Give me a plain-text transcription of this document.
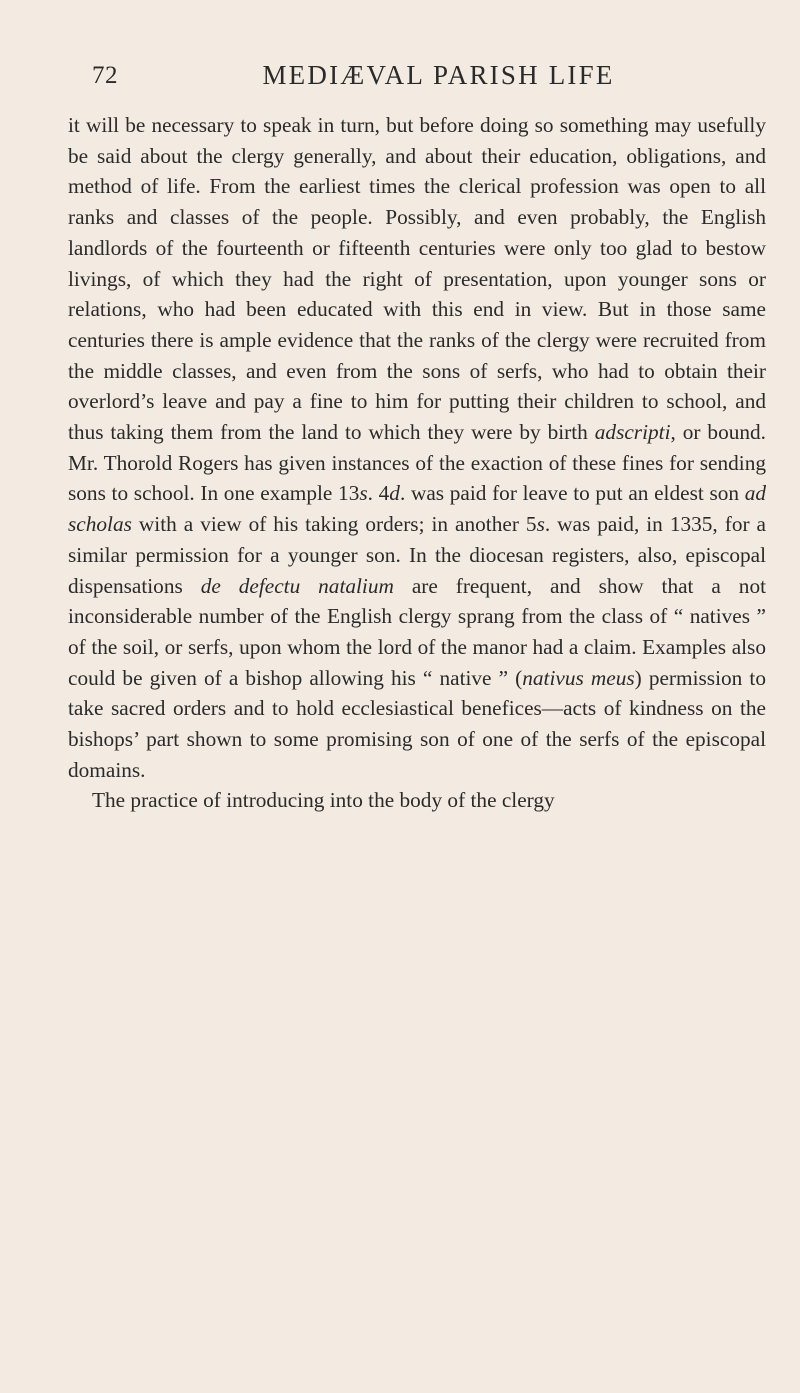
72	MEDIÆVAL PARISH LIFE

it will be necessary to speak in turn, but before doing so something may usefully be said about the clergy generally, and about their education, obligations, and method of life. From the earliest times the clerical profession was open to all ranks and classes of the people. Possibly, and even probably, the English landlords of the fourteenth or fifteenth centuries were only too glad to bestow livings, of which they had the right of presentation, upon younger sons or relations, who had been educated with this end in view. But in those same centuries there is ample evidence that the ranks of the clergy were recruited from the middle classes, and even from the sons of serfs, who had to obtain their overlord’s leave and pay a fine to him for putting their children to school, and thus taking them from the land to which they were by birth adscripti, or bound. Mr. Thorold Rogers has given instances of the exaction of these fines for sending sons to school. In one example 13s. 4d. was paid for leave to put an eldest son ad scholas with a view of his taking orders; in another 5s. was paid, in 1335, for a similar permission for a younger son. In the diocesan registers, also, episcopal dispensations de defectu natalium are frequent, and show that a not inconsiderable number of the English clergy sprang from the class of “ natives ” of the soil, or serfs, upon whom the lord of the manor had a claim. Examples also could be given of a bishop allowing his “ native ” (nativus meus) permission to take sacred orders and to hold ecclesiastical benefices—acts of kindness on the bishops’ part shown to some promising son of one of the serfs of the episcopal domains.

The practice of introducing into the body of the clergy
